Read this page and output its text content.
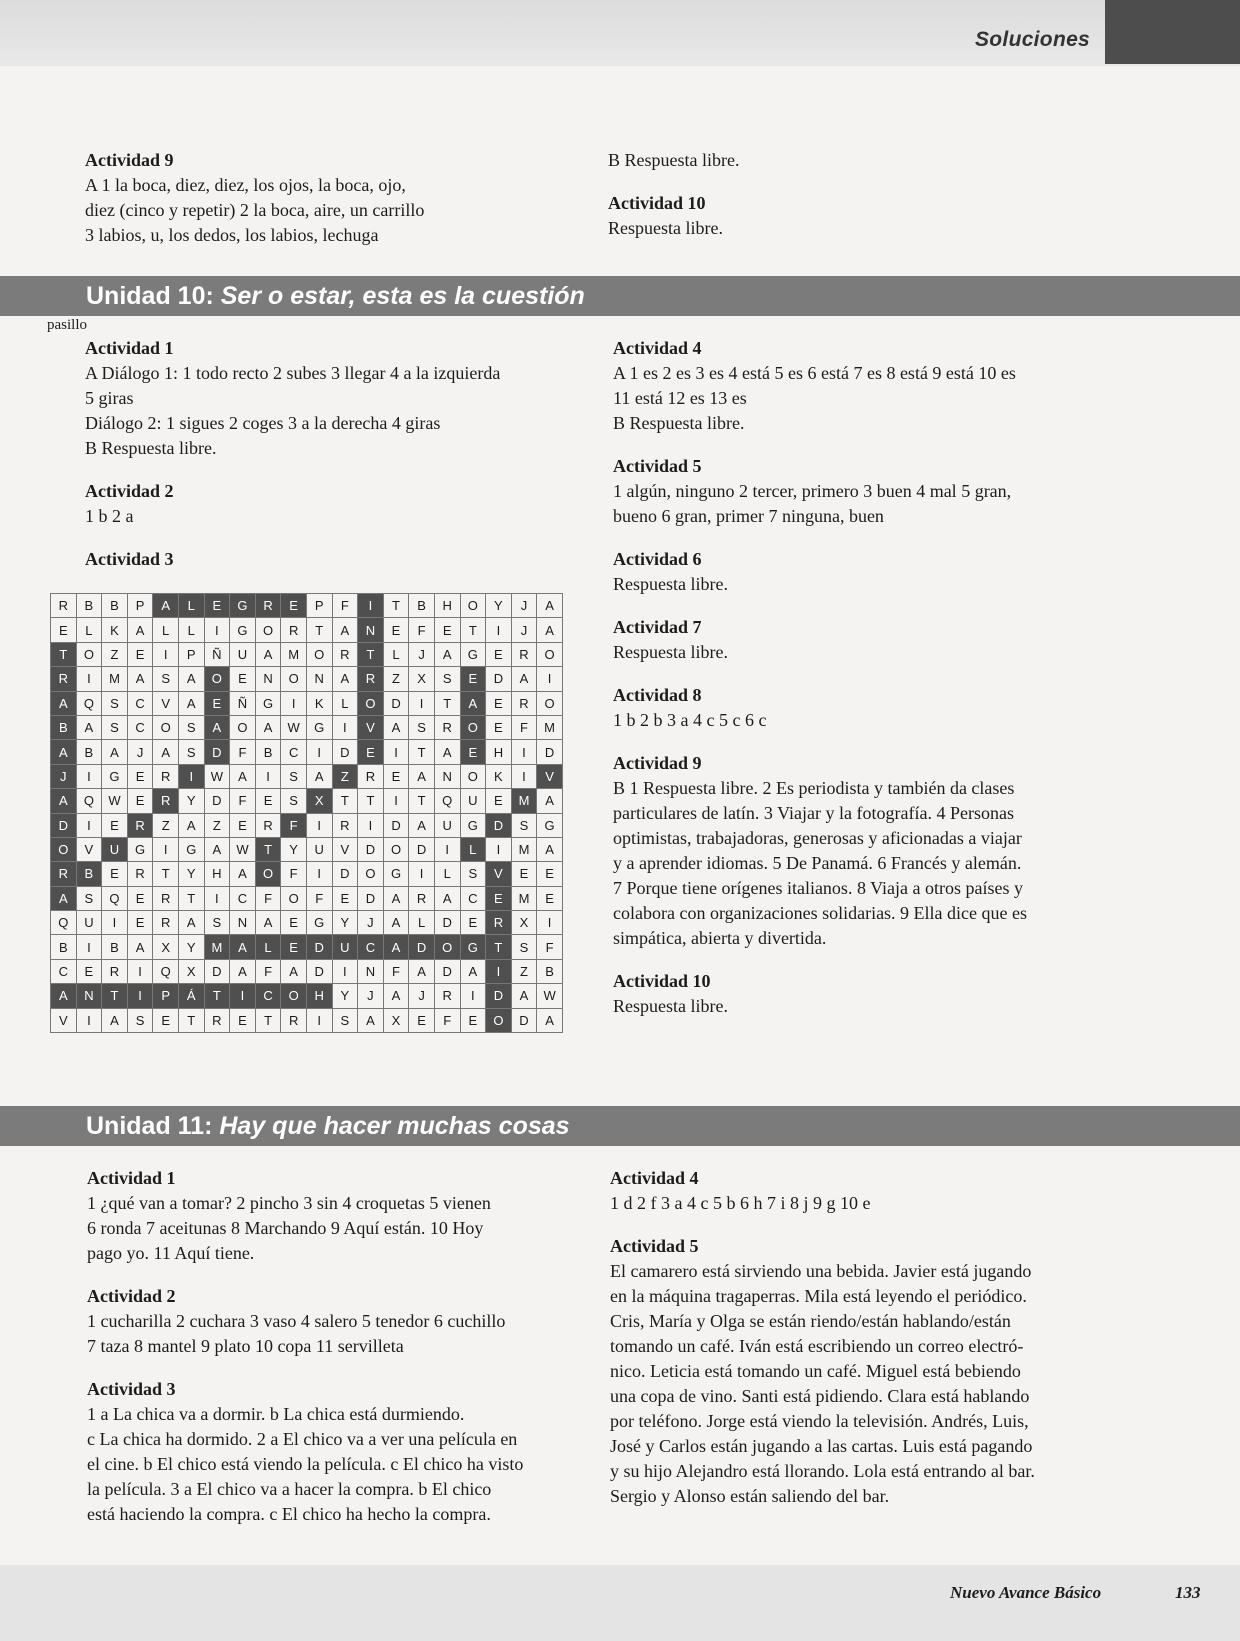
Soluciones

Actividad 9

A 1 la boca, diez, diez, los ojos, la boca, ojo,

diez (cinco y repetir) 2 la boca, aire, un carrillo

3 labios, u, los dedos, los labios, lechuga

B Respuesta libre.

Actividad 10

Respuesta libre.

Unidad 10: Ser o estar, esta es la cuestión
pasillo

Actividad 1

A Diálogo 1: 1 todo recto 2 subes 3 llegar 4 a la izquierda

5 giras

Diálogo 2: 1 sigues 2 coges 3 a la derecha 4 giras

B Respuesta libre.

Actividad 2

1 b 2 a

Actividad 3

Actividad 4

A 1 es 2 es 3 es 4 está 5 es 6 está 7 es 8 está 9 está 10 es

11 está 12 es 13 es

B Respuesta libre.

Actividad 5

1 algún, ninguno 2 tercer, primero 3 buen 4 mal 5 gran,

bueno 6 gran, primer 7 ninguna, buen

Actividad 6

Respuesta libre.

Actividad 7

Respuesta libre.

Actividad 8

1 b 2 b 3 a 4 c 5 c 6 c

Actividad 9

B 1 Respuesta libre. 2 Es periodista y también da clases

particulares de latín. 3 Viajar y la fotografía. 4 Personas

optimistas, trabajadoras, generosas y aficionadas a viajar

y a aprender idiomas. 5 De Panamá. 6 Francés y alemán.

7 Porque tiene orígenes italianos. 8 Viaja a otros países y

colabora con organizaciones solidarias. 9 Ella dice que es

simpática, abierta y divertida.

Actividad 10

Respuesta libre.

R	B	B	P	A	L	E	G	R	E	P	F	I	T	B	H	O	Y	J	A
E	L	K	A	L	L	I	G	O	R	T	A	N	E	F	E	T	I	J	A
T	O	Z	E	I	P	Ñ	U	A	M	O	R	T	L	J	A	G	E	R	O
R	I	M	A	S	A	O	E	N	O	N	A	R	Z	X	S	E	D	A	I
A	Q	S	C	V	A	E	Ñ	G	I	K	L	O	D	I	T	A	E	R	O
B	A	S	C	O	S	A	O	A	W	G	I	V	A	S	R	O	E	F	M
A	B	A	J	A	S	D	F	B	C	I	D	E	I	T	A	E	H	I	D
J	I	G	E	R	I	W	A	I	S	A	Z	R	E	A	N	O	K	I	V
A	Q	W	E	R	Y	D	F	E	S	X	T	T	I	T	Q	U	E	M	A
D	I	E	R	Z	A	Z	E	R	F	I	R	I	D	A	U	G	D	S	G
O	V	U	G	I	G	A	W	T	Y	U	V	D	O	D	I	L	I	M	A
R	B	E	R	T	Y	H	A	O	F	I	D	O	G	I	L	S	V	E	E
A	S	Q	E	R	T	I	C	F	O	F	E	D	A	R	A	C	E	M	E
Q	U	I	E	R	A	S	N	A	E	G	Y	J	A	L	D	E	R	X	I
B	I	B	A	X	Y	M	A	L	E	D	U	C	A	D	O	G	T	S	F
C	E	R	I	Q	X	D	A	F	A	D	I	N	F	A	D	A	I	Z	B
A	N	T	I	P	Á	T	I	C	O	H	Y	J	A	J	R	I	D	A	W
V	I	A	S	E	T	R	E	T	R	I	S	A	X	E	F	E	O	D	A
Unidad 11: Hay que hacer muchas cosas

Actividad 1

1 ¿qué van a tomar? 2 pincho 3 sin 4 croquetas 5 vienen

6 ronda 7 aceitunas 8 Marchando 9 Aquí están. 10 Hoy

pago yo. 11 Aquí tiene.

Actividad 2

1 cucharilla 2 cuchara 3 vaso 4 salero 5 tenedor 6 cuchillo

7 taza 8 mantel 9 plato 10 copa 11 servilleta

Actividad 3

1 a La chica va a dormir. b La chica está durmiendo.

c La chica ha dormido. 2 a El chico va a ver una película en

el cine. b El chico está viendo la película. c El chico ha visto

la película. 3 a El chico va a hacer la compra. b El chico

está haciendo la compra. c El chico ha hecho la compra.

Actividad 4

1 d 2 f 3 a 4 c 5 b 6 h 7 i 8 j 9 g 10 e

Actividad 5

El camarero está sirviendo una bebida. Javier está jugando

en la máquina tragaperras. Mila está leyendo el periódico.

Cris, María y Olga se están riendo/están hablando/están

tomando un café. Iván está escribiendo un correo electró-

nico. Leticia está tomando un café. Miguel está bebiendo

una copa de vino. Santi está pidiendo. Clara está hablando

por teléfono. Jorge está viendo la televisión. Andrés, Luis,

José y Carlos están jugando a las cartas. Luis está pagando

y su hijo Alejandro está llorando. Lola está entrando al bar.

Sergio y Alonso están saliendo del bar.

Nuevo Avance Básico	133
